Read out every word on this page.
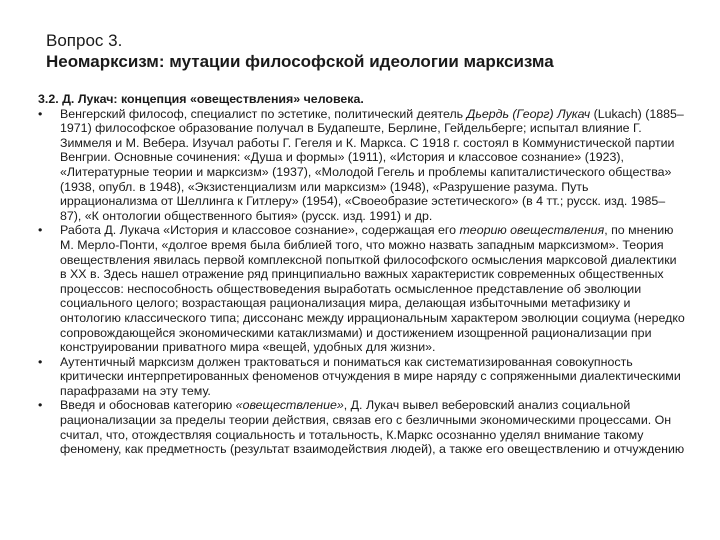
Вопрос 3.
Неомарксизм: мутации философской идеологии марксизма

3.2. Д. Лукач: концепция «овеществления» человека.

• Венгерский философ, специалист по эстетике, политический деятель Дьердь (Георг) Лукач (Lukach) (1885–1971) философское образование получал в Будапеште, Берлине, Гейдельберге; испытал влияние Г. Зиммеля и М. Вебера. Изучал работы Г. Гегеля и К. Маркса. С 1918 г. состоял в Коммунистической партии Венгрии. Основные сочинения: «Душа и формы» (1911), «История и классовое сознание» (1923), «Литературные теории и марксизм» (1937), «Молодой Гегель и проблемы капиталистического общества» (1938, опубл. в 1948), «Экзистенциализм или марксизм» (1948), «Разрушение разума. Путь иррационализма от Шеллинга к Гитлеру» (1954), «Своеобразие эстетического» (в 4 тт.; русск. изд. 1985–87), «К онтологии общественного бытия» (русск. изд. 1991) и др.
• Работа Д. Лукача «История и классовое сознание», содержащая его теорию овеществления, по мнению М. Мерло-Понти, «долгое время была библией того, что можно назвать западным марксизмом». Теория овеществления явилась первой комплексной попыткой философского осмысления марксовой диалектики в XX в. Здесь нашел отражение ряд принципиально важных характеристик современных общественных процессов: неспособность обществоведения выработать осмысленное представление об эволюции социального целого; возрастающая рационализация мира, делающая избыточными метафизику и онтологию классического типа; диссонанс между иррациональным характером эволюции социума (нередко сопровождающейся экономическими катаклизмами) и достижением изощренной рационализации при конструировании приватного мира «вещей, удобных для жизни».
• Аутентичный марксизм должен трактоваться и пониматься как систематизированная совокупность критически интерпретированных феноменов отчуждения в мире наряду с сопряженными диалектическими парафразами на эту тему.
• Введя и обосновав категорию «овеществление», Д. Лукач вывел веберовский анализ социальной рационализации за пределы теории действия, связав его с безличными экономическими процессами. Он считал, что, отождествляя социальность и тотальность, К.Маркс осознанно уделял внимание такому феномену, как предметность (результат взаимодействия людей), а также его овеществлению и отчуждению
